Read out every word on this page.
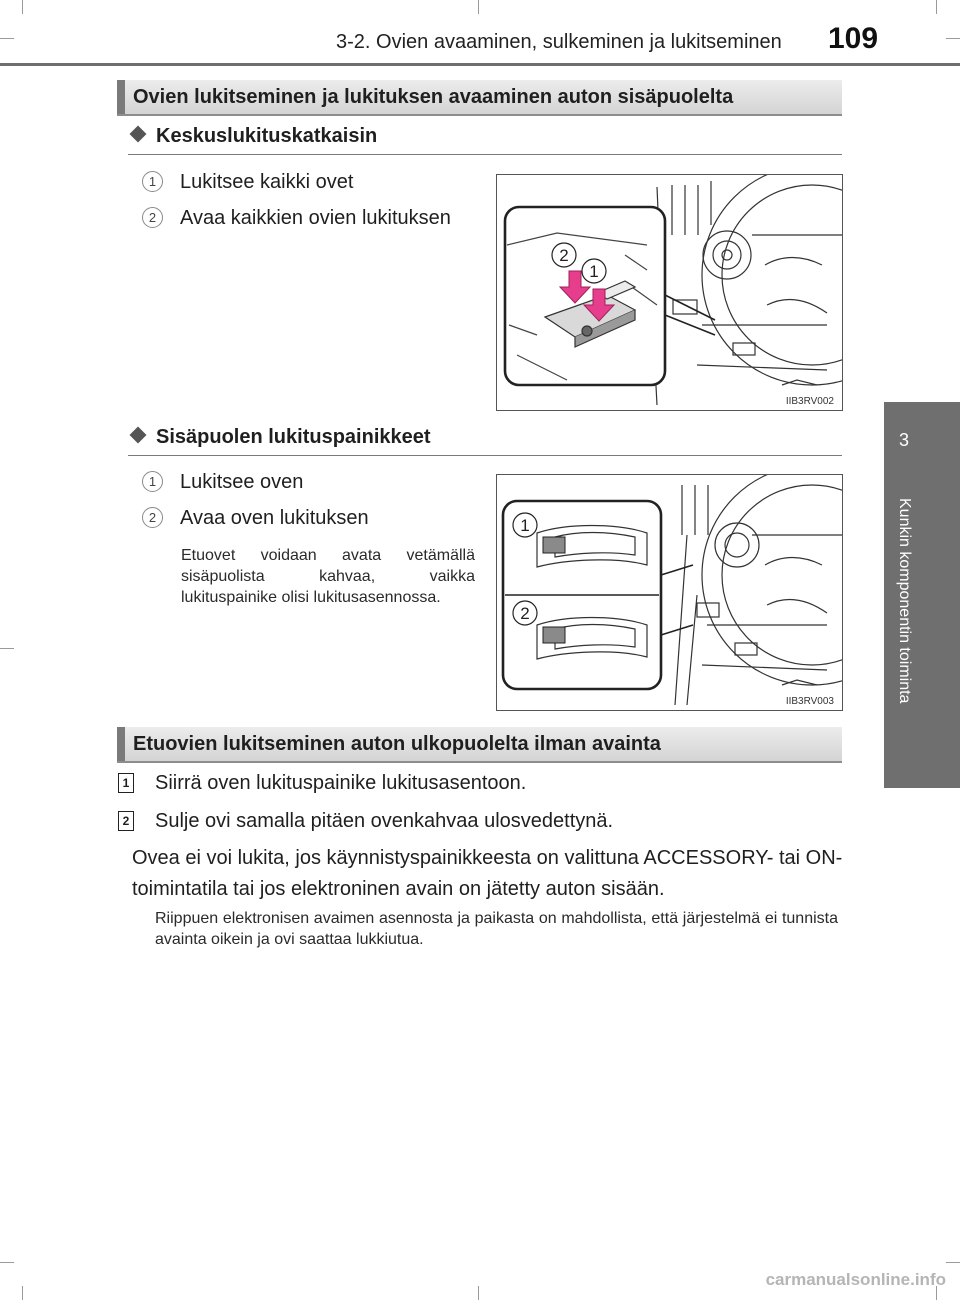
3-2. Ovien avaaminen, sulkeminen ja lukitseminen 109
3
Kunkin komponentin toiminta
Ovien lukitseminen ja lukituksen avaaminen auton sisäpuolelta
Keskuslukituskatkaisin
1 Lukitsee kaikki ovet
2 Avaa kaikkien ovien lukituksen
2
1
IIB3RV002
Sisäpuolen lukituspainikkeet
1 Lukitsee oven
2 Avaa oven lukituksen
Etuovet voidaan avata vetämällä sisäpuolista kahvaa, vaikka lukituspainike olisi lukitusasennossa.
1
2
IIB3RV003
Etuovien lukitseminen auton ulkopuolelta ilman avainta
1 Siirrä oven lukituspainike lukitusasentoon.
2 Sulje ovi samalla pitäen ovenkahvaa ulosvedettynä.
Ovea ei voi lukita, jos käynnistyspainikkeesta on valittuna ACCESSORY- tai ON-toimintatila tai jos elektroninen avain on jätetty auton sisään.
Riippuen elektronisen avaimen asennosta ja paikasta on mahdollista, että järjestelmä ei tunnista avainta oikein ja ovi saattaa lukkiutua.
carmanualsonline.info
